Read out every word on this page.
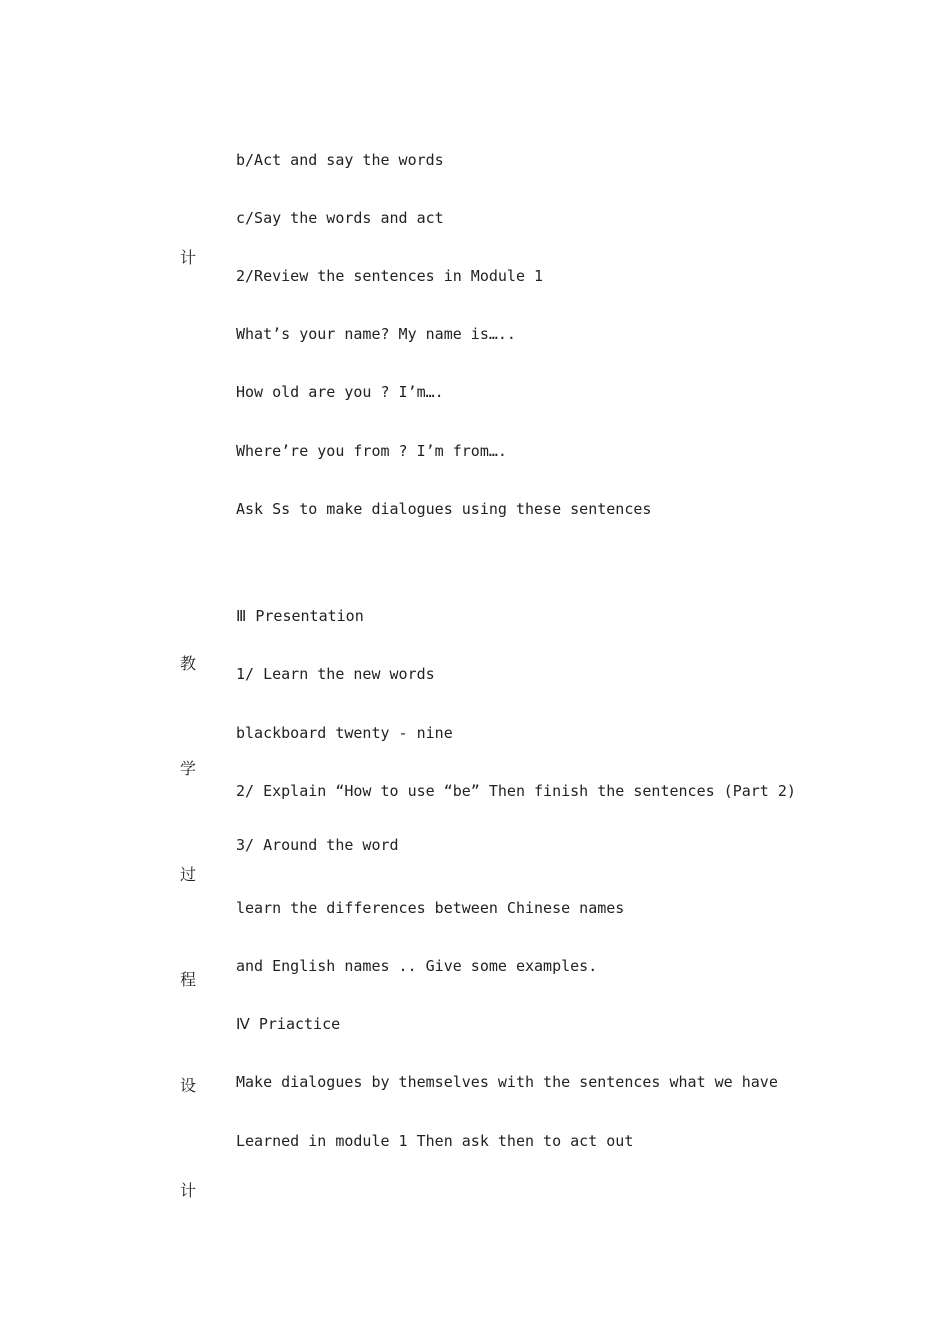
计
教
学
过
程
设
计
b/Act and say the words
c/Say the words and act
2/Review the sentences in Module 1
What’s your name? My name is…..
How old are you ? I’m….
Where’re you from ? I’m from….
Ask Ss to make dialogues using these sentences
Ⅲ Presentation
1/ Learn the new words
blackboard twenty - nine
2/ Explain “How to use “be” Then finish the sentences (Part 2)
3/ Around the word
learn the differences between Chinese names
and English names .. Give some examples.
Ⅳ Priactice
Make dialogues by themselves with the sentences what we have
Learned in module 1 Then ask then to act out
